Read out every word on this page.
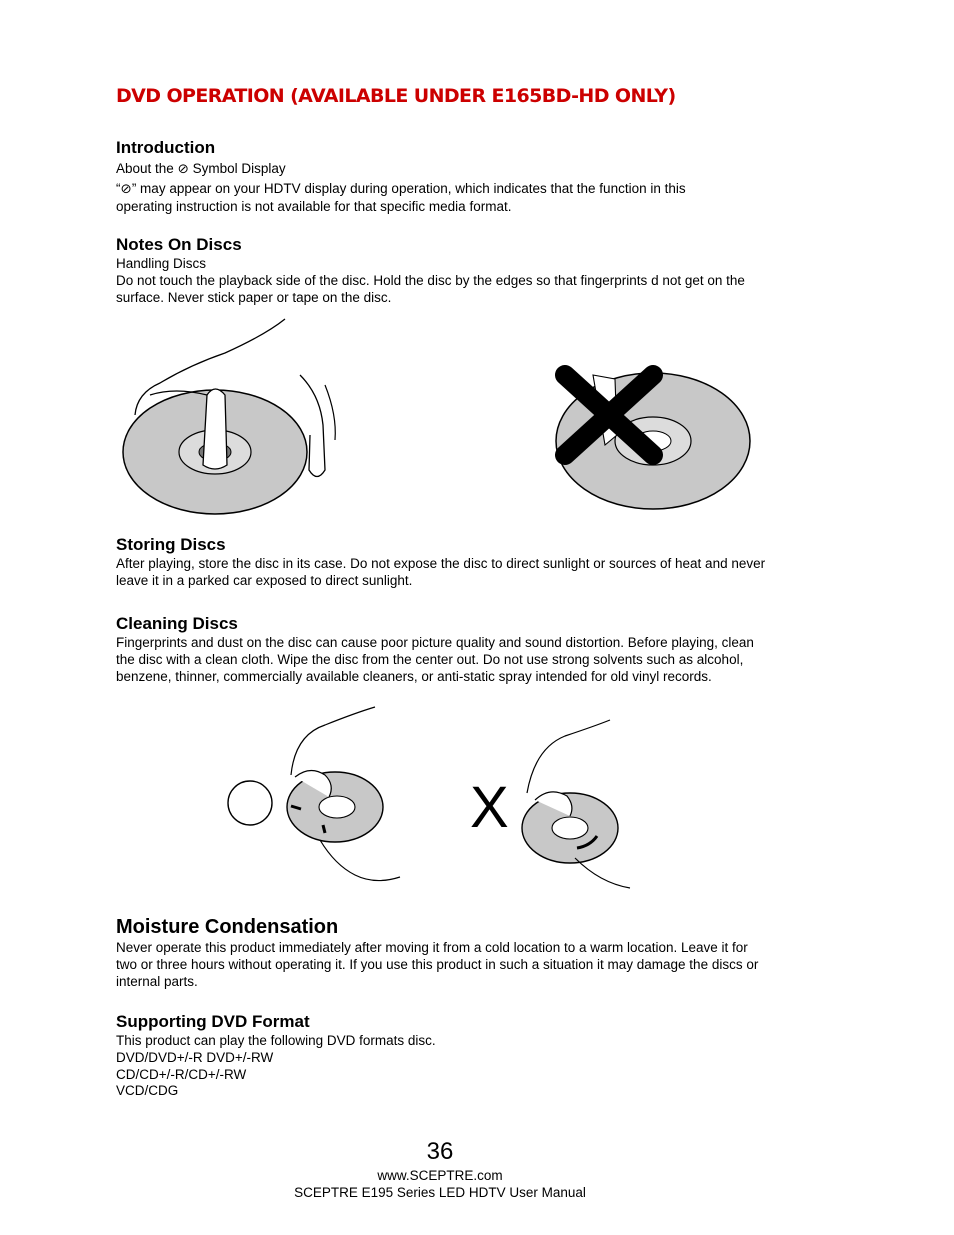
DVD OPERATION (AVAILABLE UNDER E165BD-HD ONLY)
Introduction
About the ⊘ Symbol Display
“⊘” may appear on your HDTV display during operation, which indicates that the function in this
operating instruction is not available for that specific media format.
Notes On Discs
Handling Discs
Do not touch the playback side of the disc. Hold the disc by the edges so that fingerprints d not get on the surface. Never stick paper or tape on the disc.
Storing Discs
After playing, store the disc in its case. Do not expose the disc to direct sunlight or sources of heat and never leave it in a parked car exposed to direct sunlight.
Cleaning Discs
Fingerprints and dust on the disc can cause poor picture quality and sound distortion. Before playing, clean the disc with a clean cloth. Wipe the disc from the center out. Do not use strong solvents such as alcohol, benzene, thinner, commercially available cleaners, or anti-static spray intended for old vinyl records.
X
Moisture Condensation
Never operate this product immediately after moving it from a cold location to a warm location. Leave it for two or three hours without operating it. If you use this product in such a situation it may damage the discs or internal parts.
Supporting DVD Format
This product can play the following DVD formats disc.
DVD/DVD+/-R DVD+/-RW
CD/CD+/-R/CD+/-RW
VCD/CDG
36
www.SCEPTRE.com
SCEPTRE E195 Series LED HDTV User Manual
